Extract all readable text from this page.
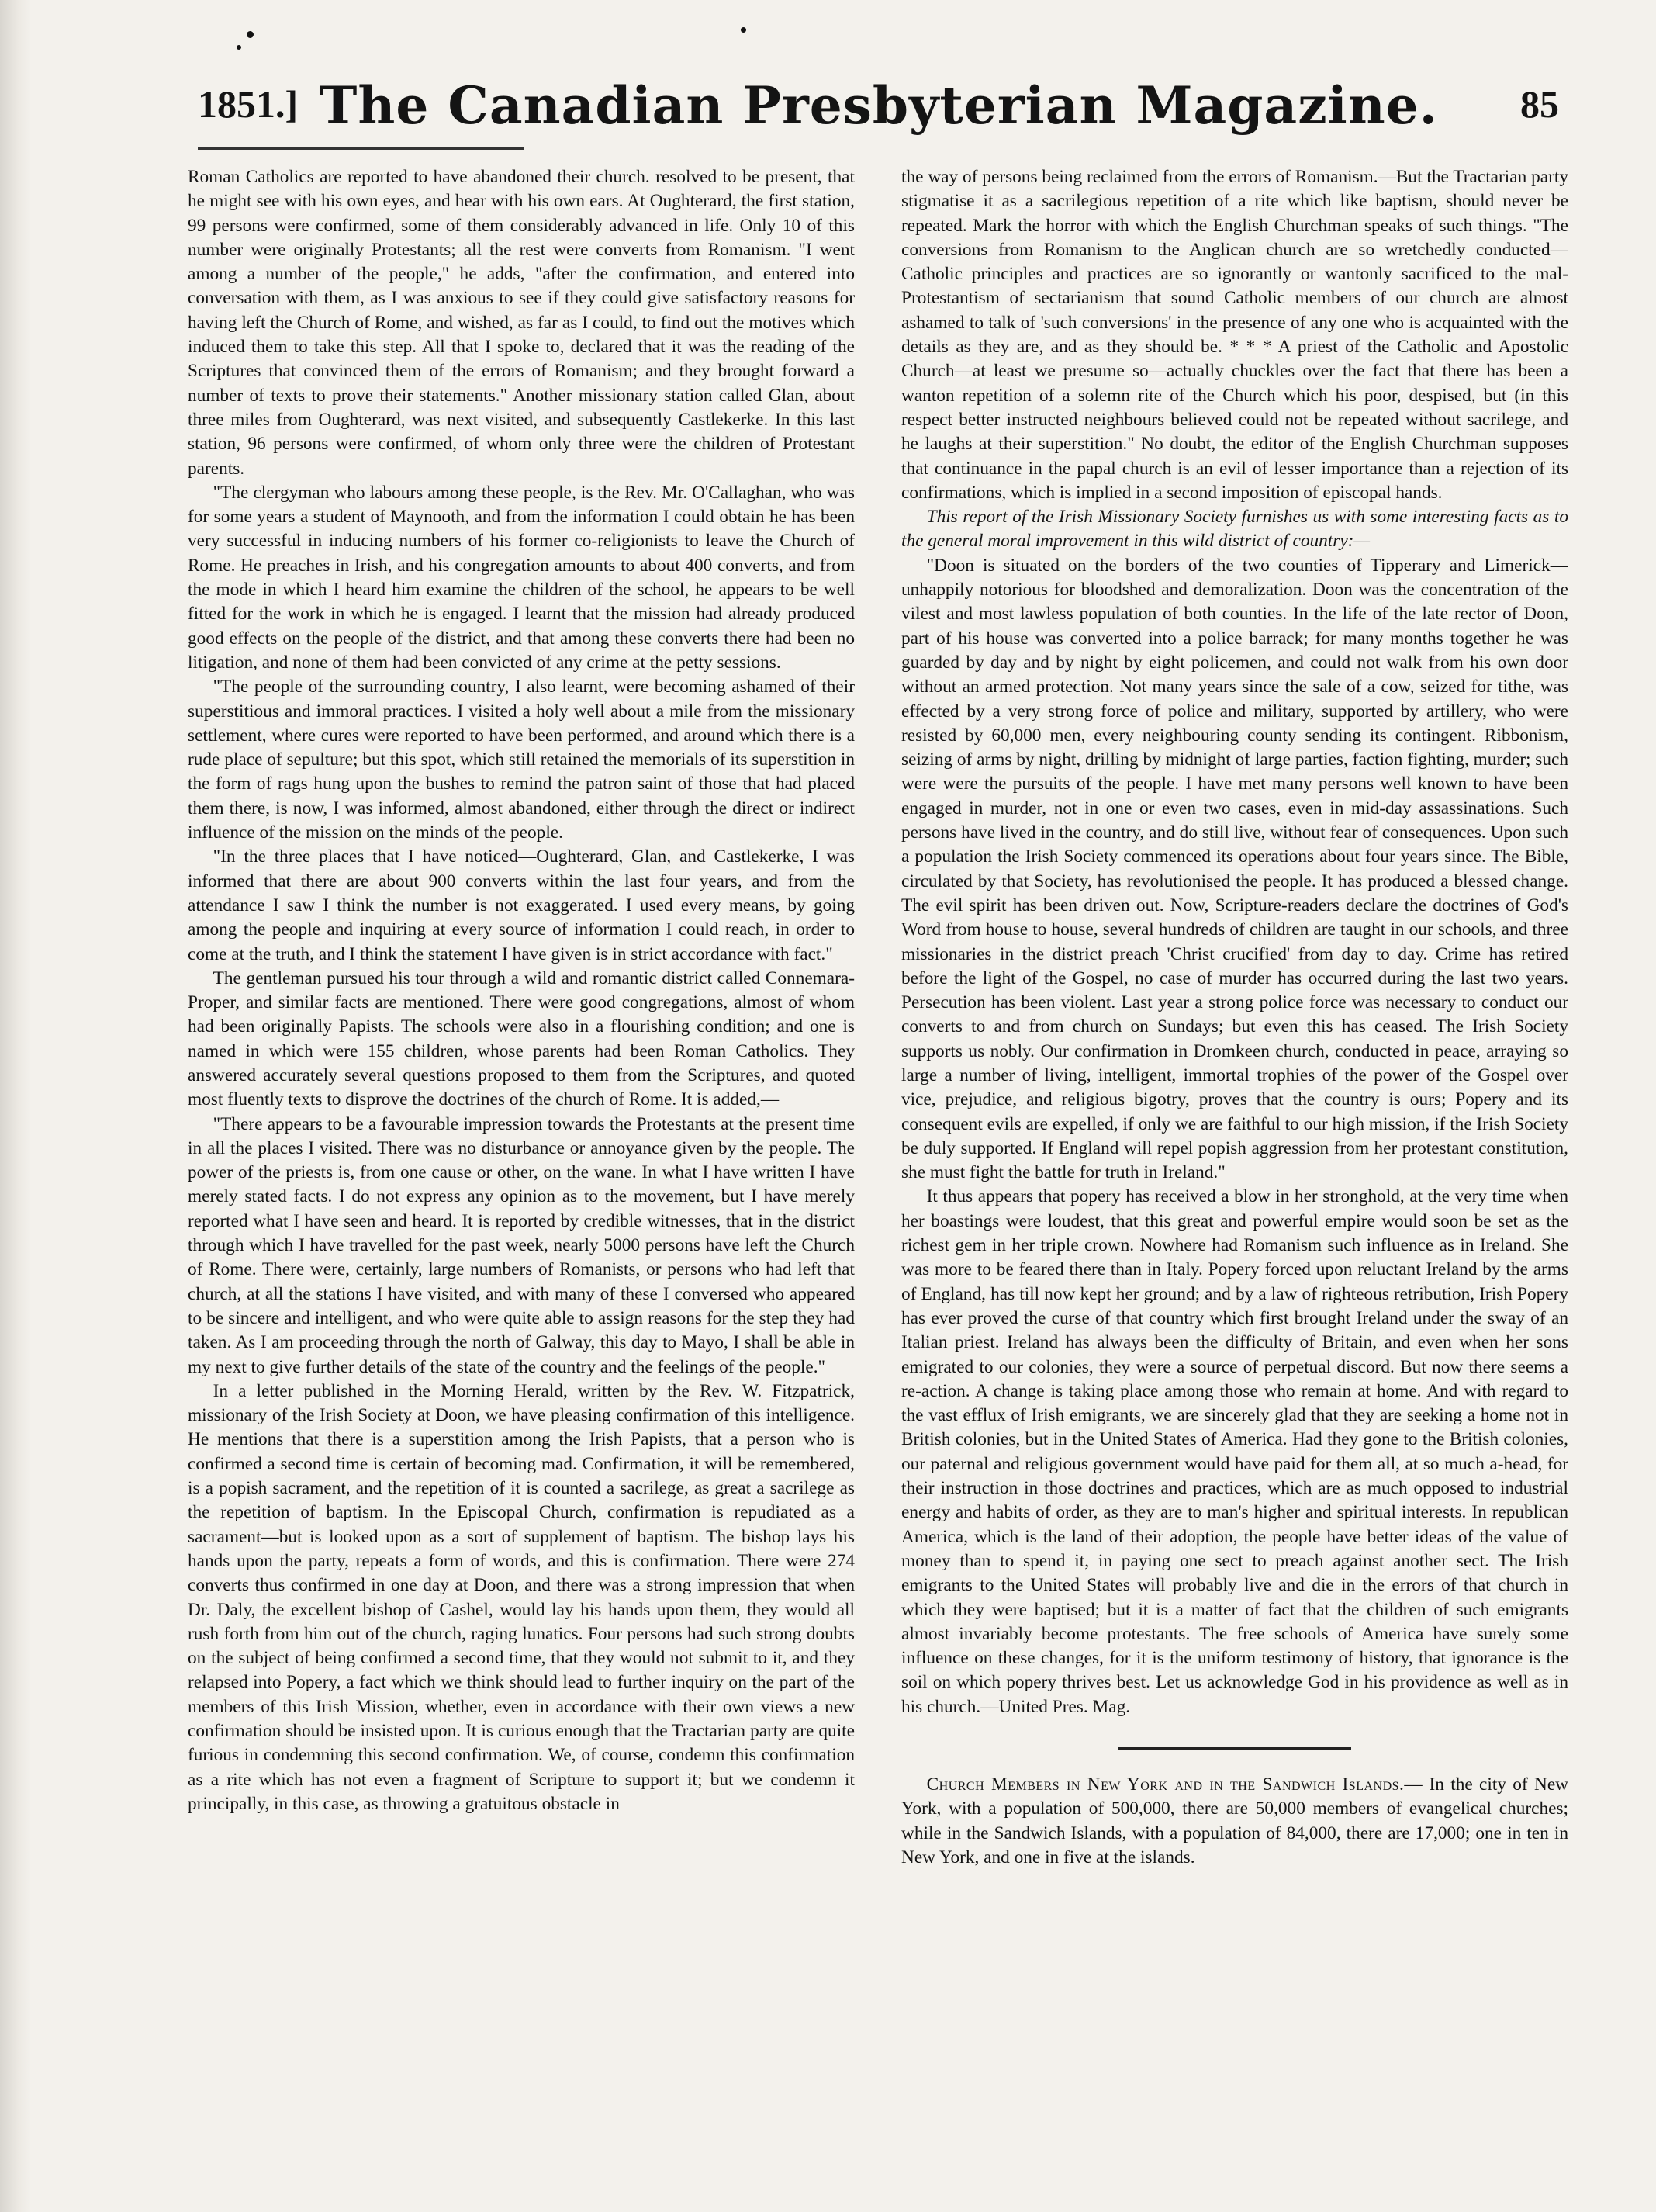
1851.] The Canadian Presbyterian Magazine.	85

Roman Catholics are reported to have abandoned their church. resolved to be present, that he might see with his own eyes, and hear with his own ears. At Oughterard, the first station, 99 persons were confirmed, some of them considerably advanced in life. Only 10 of this number were originally Protestants; all the rest were converts from Romanism. "I went among a number of the people," he adds, "after the confirmation, and entered into conversation with them, as I was anxious to see if they could give satisfactory reasons for having left the Church of Rome, and wished, as far as I could, to find out the motives which induced them to take this step. All that I spoke to, declared that it was the reading of the Scriptures that convinced them of the errors of Romanism; and they brought forward a number of texts to prove their statements." Another missionary station called Glan, about three miles from Oughterard, was next visited, and subsequently Castlekerke. In this last station, 96 persons were confirmed, of whom only three were the children of Protestant parents.

"The clergyman who labours among these people, is the Rev. Mr. O'Callaghan, who was for some years a student of Maynooth, and from the information I could obtain he has been very successful in inducing numbers of his former co-religionists to leave the Church of Rome. He preaches in Irish, and his congregation amounts to about 400 converts, and from the mode in which I heard him examine the children of the school, he appears to be well fitted for the work in which he is engaged. I learnt that the mission had already produced good effects on the people of the district, and that among these converts there had been no litigation, and none of them had been convicted of any crime at the petty sessions.

"The people of the surrounding country, I also learnt, were becoming ashamed of their superstitious and immoral practices. I visited a holy well about a mile from the missionary settlement, where cures were reported to have been performed, and around which there is a rude place of sepulture; but this spot, which still retained the memorials of its superstition in the form of rags hung upon the bushes to remind the patron saint of those that had placed them there, is now, I was informed, almost abandoned, either through the direct or indirect influence of the mission on the minds of the people.

"In the three places that I have noticed—Oughterard, Glan, and Castlekerke, I was informed that there are about 900 converts within the last four years, and from the attendance I saw I think the number is not exaggerated. I used every means, by going among the people and inquiring at every source of information I could reach, in order to come at the truth, and I think the statement I have given is in strict accordance with fact."

The gentleman pursued his tour through a wild and romantic district called Connemara-Proper, and similar facts are mentioned. There were good congregations, almost of whom had been originally Papists. The schools were also in a flourishing condition; and one is named in which were 155 children, whose parents had been Roman Catholics. They answered accurately several questions proposed to them from the Scriptures, and quoted most fluently texts to disprove the doctrines of the church of Rome. It is added,—

"There appears to be a favourable impression towards the Protestants at the present time in all the places I visited. There was no disturbance or annoyance given by the people. The power of the priests is, from one cause or other, on the wane. In what I have written I have merely stated facts. I do not express any opinion as to the movement, but I have merely reported what I have seen and heard. It is reported by credible witnesses, that in the district through which I have travelled for the past week, nearly 5000 persons have left the Church of Rome. There were, certainly, large numbers of Romanists, or persons who had left that church, at all the stations I have visited, and with many of these I conversed who appeared to be sincere and intelligent, and who were quite able to assign reasons for the step they had taken. As I am proceeding through the north of Galway, this day to Mayo, I shall be able in my next to give further details of the state of the country and the feelings of the people."

In a letter published in the Morning Herald, written by the Rev. W. Fitzpatrick, missionary of the Irish Society at Doon, we have pleasing confirmation of this intelligence. He mentions that there is a superstition among the Irish Papists, that a person who is confirmed a second time is certain of becoming mad. Confirmation, it will be remembered, is a popish sacrament, and the repetition of it is counted a sacrilege, as great a sacrilege as the repetition of baptism. In the Episcopal Church, confirmation is repudiated as a sacrament—but is looked upon as a sort of supplement of baptism. The bishop lays his hands upon the party, repeats a form of words, and this is confirmation. There were 274 converts thus confirmed in one day at Doon, and there was a strong impression that when Dr. Daly, the excellent bishop of Cashel, would lay his hands upon them, they would all rush forth from him out of the church, raging lunatics. Four persons had such strong doubts on the subject of being confirmed a second time, that they would not submit to it, and they relapsed into Popery, a fact which we think should lead to further inquiry on the part of the members of this Irish Mission, whether, even in accordance with their own views a new confirmation should be insisted upon. It is curious enough that the Tractarian party are quite furious in condemning this second confirmation. We, of course, condemn this confirmation as a rite which has not even a fragment of Scripture to support it; but we condemn it principally, in this case, as throwing a gratuitous obstacle in

the way of persons being reclaimed from the errors of Romanism.—But the Tractarian party stigmatise it as a sacrilegious repetition of a rite which like baptism, should never be repeated. Mark the horror with which the English Churchman speaks of such things. "The conversions from Romanism to the Anglican church are so wretchedly conducted—Catholic principles and practices are so ignorantly or wantonly sacrificed to the mal-Protestantism of sectarianism that sound Catholic members of our church are almost ashamed to talk of 'such conversions' in the presence of any one who is acquainted with the details as they are, and as they should be. * * * A priest of the Catholic and Apostolic Church—at least we presume so—actually chuckles over the fact that there has been a wanton repetition of a solemn rite of the Church which his poor, despised, but (in this respect better instructed neighbours believed could not be repeated without sacrilege, and he laughs at their superstition." No doubt, the editor of the English Churchman supposes that continuance in the papal church is an evil of lesser importance than a rejection of its confirmations, which is implied in a second imposition of episcopal hands.

This report of the Irish Missionary Society furnishes us with some interesting facts as to the general moral improvement in this wild district of country:—

"Doon is situated on the borders of the two counties of Tipperary and Limerick—unhappily notorious for bloodshed and demoralization. Doon was the concentration of the vilest and most lawless population of both counties. In the life of the late rector of Doon, part of his house was converted into a police barrack; for many months together he was guarded by day and by night by eight policemen, and could not walk from his own door without an armed protection. Not many years since the sale of a cow, seized for tithe, was effected by a very strong force of police and military, supported by artillery, who were resisted by 60,000 men, every neighbouring county sending its contingent. Ribbonism, seizing of arms by night, drilling by midnight of large parties, faction fighting, murder; such were were the pursuits of the people. I have met many persons well known to have been engaged in murder, not in one or even two cases, even in mid-day assassinations. Such persons have lived in the country, and do still live, without fear of consequences. Upon such a population the Irish Society commenced its operations about four years since. The Bible, circulated by that Society, has revolutionised the people. It has produced a blessed change. The evil spirit has been driven out. Now, Scripture-readers declare the doctrines of God's Word from house to house, several hundreds of children are taught in our schools, and three missionaries in the district preach 'Christ crucified' from day to day. Crime has retired before the light of the Gospel, no case of murder has occurred during the last two years. Persecution has been violent. Last year a strong police force was necessary to conduct our converts to and from church on Sundays; but even this has ceased. The Irish Society supports us nobly. Our confirmation in Dromkeen church, conducted in peace, arraying so large a number of living, intelligent, immortal trophies of the power of the Gospel over vice, prejudice, and religious bigotry, proves that the country is ours; Popery and its consequent evils are expelled, if only we are faithful to our high mission, if the Irish Society be duly supported. If England will repel popish aggression from her protestant constitution, she must fight the battle for truth in Ireland."

It thus appears that popery has received a blow in her stronghold, at the very time when her boastings were loudest, that this great and powerful empire would soon be set as the richest gem in her triple crown. Nowhere had Romanism such influence as in Ireland. She was more to be feared there than in Italy. Popery forced upon reluctant Ireland by the arms of England, has till now kept her ground; and by a law of righteous retribution, Irish Popery has ever proved the curse of that country which first brought Ireland under the sway of an Italian priest. Ireland has always been the difficulty of Britain, and even when her sons emigrated to our colonies, they were a source of perpetual discord. But now there seems a re-action. A change is taking place among those who remain at home. And with regard to the vast efflux of Irish emigrants, we are sincerely glad that they are seeking a home not in British colonies, but in the United States of America. Had they gone to the British colonies, our paternal and religious government would have paid for them all, at so much a-head, for their instruction in those doctrines and practices, which are as much opposed to industrial energy and habits of order, as they are to man's higher and spiritual interests. In republican America, which is the land of their adoption, the people have better ideas of the value of money than to spend it, in paying one sect to preach against another sect. The Irish emigrants to the United States will probably live and die in the errors of that church in which they were baptised; but it is a matter of fact that the children of such emigrants almost invariably become protestants. The free schools of America have surely some influence on these changes, for it is the uniform testimony of history, that ignorance is the soil on which popery thrives best. Let us acknowledge God in his providence as well as in his church.—United Pres. Mag.

Church Members in New York and in the Sandwich Islands.— In the city of New York, with a population of 500,000, there are 50,000 members of evangelical churches; while in the Sandwich Islands, with a population of 84,000, there are 17,000; one in ten in New York, and one in five at the islands.
